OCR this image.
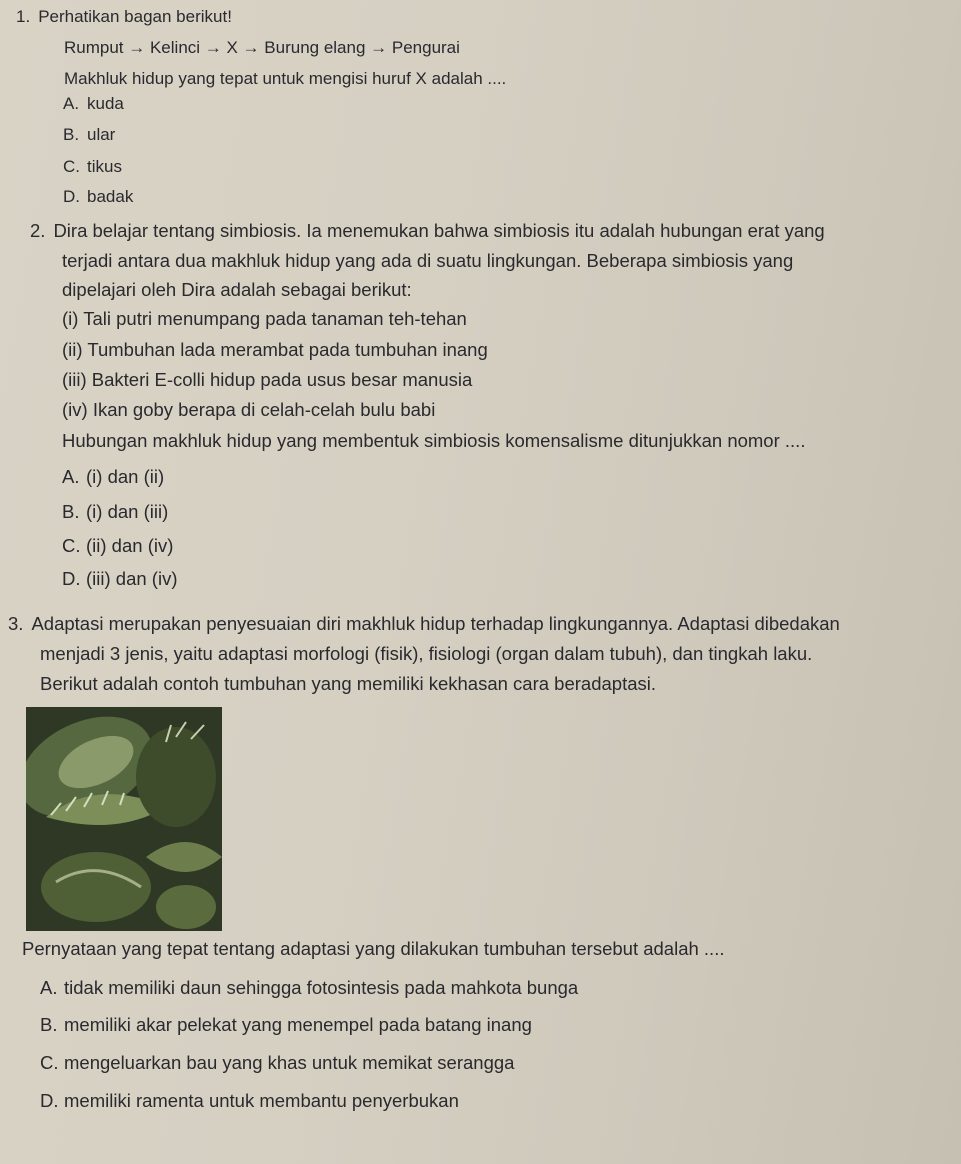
1. Perhatikan bagan berikut!
Rumput → Kelinci → X → Burung elang → Pengurai
Makhluk hidup yang tepat untuk mengisi huruf X adalah ....
A. kuda
B. ular
C. tikus
D. badak
2. Dira belajar tentang simbiosis. Ia menemukan bahwa simbiosis itu adalah hubungan erat yang
terjadi antara dua makhluk hidup yang ada di suatu lingkungan. Beberapa simbiosis yang
dipelajari oleh Dira adalah sebagai berikut:
(i) Tali putri menumpang pada tanaman teh-tehan
(ii) Tumbuhan lada merambat pada tumbuhan inang
(iii) Bakteri E-colli hidup pada usus besar manusia
(iv) Ikan goby berapa di celah-celah bulu babi
Hubungan makhluk hidup yang membentuk simbiosis komensalisme ditunjukkan nomor ....
A. (i) dan (ii)
B. (i) dan (iii)
C. (ii) dan (iv)
D. (iii) dan (iv)
3. Adaptasi merupakan penyesuaian diri makhluk hidup terhadap lingkungannya. Adaptasi dibedakan
menjadi 3 jenis, yaitu adaptasi morfologi (fisik), fisiologi (organ dalam tubuh), dan tingkah laku.
Berikut adalah contoh tumbuhan yang memiliki kekhasan cara beradaptasi.
Pernyataan yang tepat tentang adaptasi yang dilakukan tumbuhan tersebut adalah ....
A. tidak memiliki daun sehingga fotosintesis pada mahkota bunga
B. memiliki akar pelekat yang menempel pada batang inang
C. mengeluarkan bau yang khas untuk memikat serangga
D. memiliki ramenta untuk membantu penyerbukan
